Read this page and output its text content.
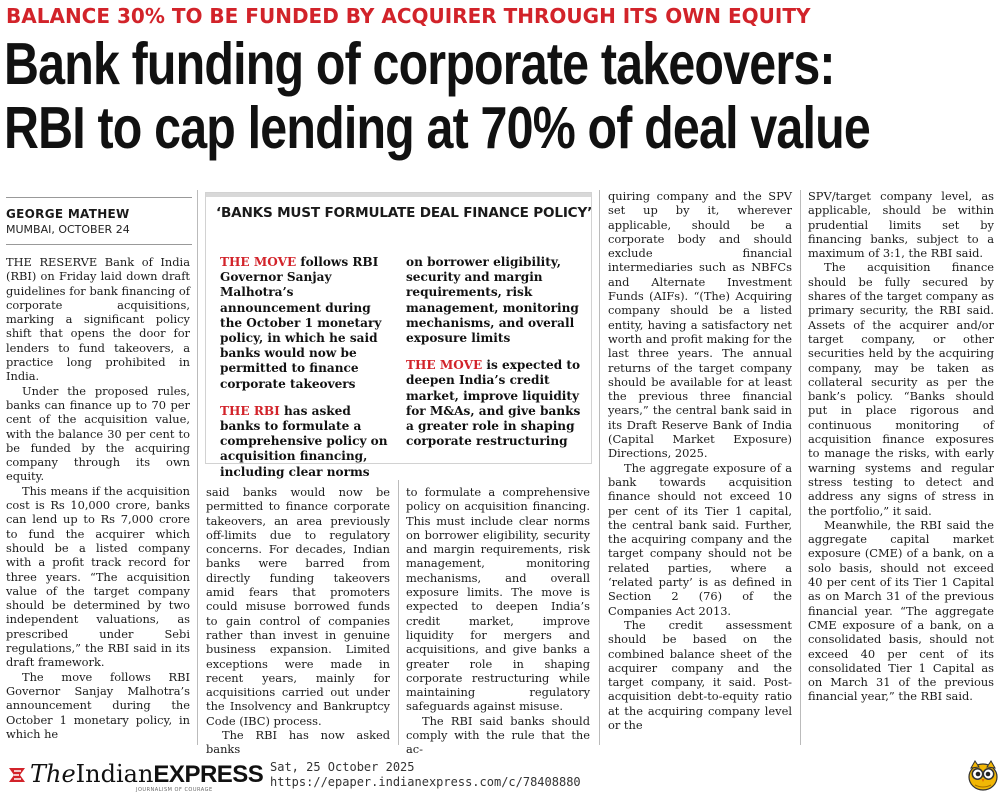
BALANCE 30% TO BE FUNDED BY ACQUIRER THROUGH ITS OWN EQUITY
Bank funding of corporate takeovers:
RBI to cap lending at 70% of deal value
GEORGE MATHEW
MUMBAI, OCTOBER 24
‘BANKS MUST FORMULATE DEAL FINANCE POLICY’

THE MOVE follows RBI Governor Sanjay Malhotra’s announcement during the October 1 monetary policy, in which he said banks would now be permitted to finance corporate takeovers

THE RBI has asked banks to formulate a comprehensive policy on acquisition financing, including clear norms

on borrower eligibility, security and margin requirements, risk management, monitoring mechanisms, and overall exposure limits

THE MOVE is expected to deepen India’s credit market, improve liquidity for M&As, and give banks a greater role in shaping corporate restructuring

THE RESERVE Bank of India (RBI) on Friday laid down draft guidelines for bank financing of corporate acquisitions, marking a significant policy shift that opens the door for lenders to fund takeovers, a practice long prohibited in India.

Under the proposed rules, banks can finance up to 70 per cent of the acquisition value, with the balance 30 per cent to be funded by the acquiring company through its own equity.

This means if the acquisition cost is Rs 10,000 crore, banks can lend up to Rs 7,000 crore to fund the acquirer which should be a listed company with a profit track record for three years. “The acquisition value of the target company should be determined by two independent valuations, as prescribed under Sebi regulations,” the RBI said in its draft framework.

The move follows RBI Governor Sanjay Malhotra’s announcement during the October 1 monetary policy, in which he

said banks would now be permitted to finance corporate takeovers, an area previously off-limits due to regulatory concerns. For decades, Indian banks were barred from directly funding takeovers amid fears that promoters could misuse borrowed funds to gain control of companies rather than invest in genuine business expansion. Limited exceptions were made in recent years, mainly for acquisitions carried out under the Insolvency and Bankruptcy Code (IBC) process.

The RBI has now asked banks

to formulate a comprehensive policy on acquisition financing. This must include clear norms on borrower eligibility, security and margin requirements, risk management, monitoring mechanisms, and overall exposure limits. The move is expected to deepen India’s credit market, improve liquidity for mergers and acquisitions, and give banks a greater role in shaping corporate restructuring while maintaining regulatory safeguards against misuse.

The RBI said banks should comply with the rule that the ac-

quiring company and the SPV set up by it, wherever applicable, should be a corporate body and should exclude financial intermediaries such as NBFCs and Alternate Investment Funds (AIFs). “(The) Acquiring company should be a listed entity, having a satisfactory net worth and profit making for the last three years. The annual returns of the target company should be available for at least the previous three financial years,” the central bank said in its Draft Reserve Bank of India (Capital Market Exposure) Directions, 2025.

The aggregate exposure of a bank towards acquisition finance should not exceed 10 per cent of its Tier 1 capital, the central bank said. Further, the acquiring company and the target company should not be related parties, where a ‘related party’ is as defined in Section 2 (76) of the Companies Act 2013.

The credit assessment should be based on the combined balance sheet of the acquirer company and the target company, it said. Post-acquisition debt-to-equity ratio at the acquiring company level or the

SPV/target company level, as applicable, should be within prudential limits set by financing banks, subject to a maximum of 3:1, the RBI said.

The acquisition finance should be fully secured by shares of the target company as primary security, the RBI said. Assets of the acquirer and/or target company, or other securities held by the acquiring company, may be taken as collateral security as per the bank’s policy. “Banks should put in place rigorous and continuous monitoring of acquisition finance exposures to manage the risks, with early warning systems and regular stress testing to detect and address any signs of stress in the portfolio,” it said.

Meanwhile, the RBI said the aggregate capital market exposure (CME) of a bank, on a solo basis, should not exceed 40 per cent of its Tier 1 Capital as on March 31 of the previous financial year. “The aggregate CME exposure of a bank, on a consolidated basis, should not exceed 40 per cent of its consolidated Tier 1 Capital as on March 31 of the previous financial year,” the RBI said.

TheIndianEXPRESS
JOURNALISM OF COURAGE
Sat, 25 October 2025
https://epaper.indianexpress.com/c/78408880
